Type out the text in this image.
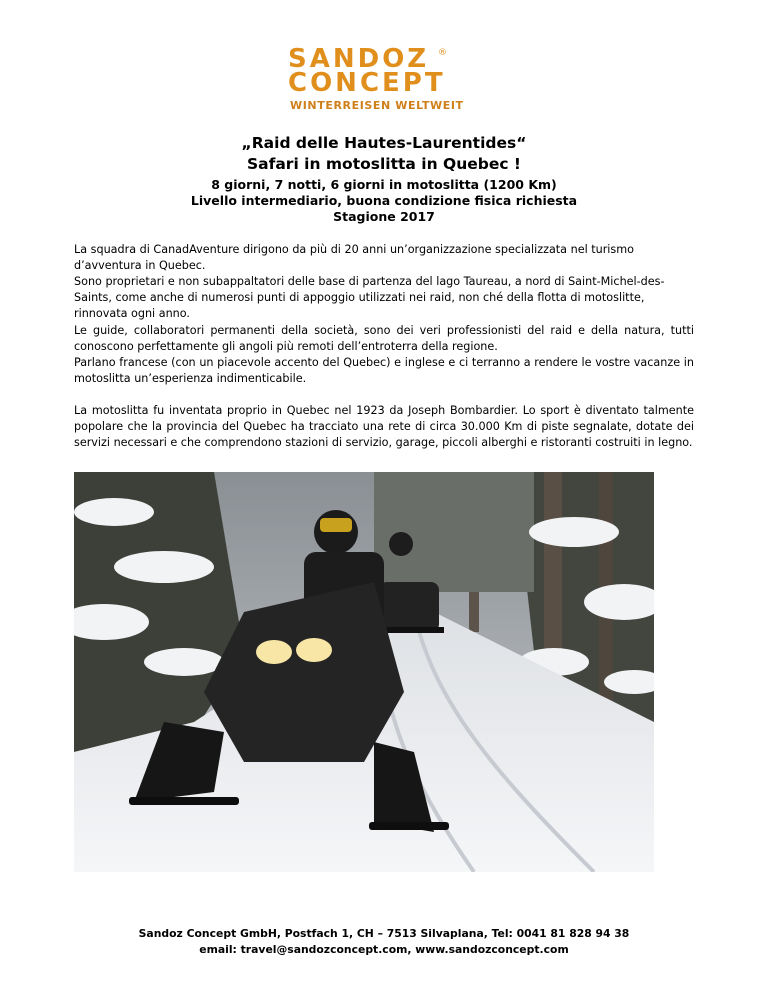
SANDOZ ®
CONCEPT
WINTERREISEN WELTWEIT
„Raid delle Hautes-Laurentides“
Safari in motoslitta in Quebec !
8 giorni, 7 notti, 6 giorni in motoslitta (1200 Km)
Livello intermediario, buona condizione fisica richiesta
Stagione 2017
La squadra di CanadAventure dirigono da più di 20 anni un’organizzazione specializzata nel turismo d’avventura in Quebec.
Sono proprietari e non subappaltatori delle base di partenza del lago Taureau, a nord di Saint-Michel-des-Saints, come anche di numerosi punti di appoggio utilizzati nei raid, non ché della flotta di motoslitte, rinnovata ogni anno.
Le guide, collaboratori permanenti della società, sono dei veri professionisti del raid e della natura, tutti conoscono perfettamente gli angoli più remoti dell’entroterra della regione.
Parlano francese (con un piacevole accento del Quebec) e inglese e ci terranno a rendere le vostre vacanze in motoslitta un’esperienza indimenticabile.
La motoslitta fu inventata proprio in Quebec nel 1923 da Joseph Bombardier. Lo sport è diventato talmente popolare che la provincia del Quebec ha tracciato una rete di circa 30.000 Km di piste segnalate, dotate dei servizi necessari e che comprendono stazioni di servizio, garage, piccoli alberghi e ristoranti costruiti in legno.
Sandoz Concept GmbH, Postfach 1, CH – 7513 Silvaplana, Tel: 0041 81 828 94 38
email: travel@sandozconcept.com, www.sandozconcept.com
